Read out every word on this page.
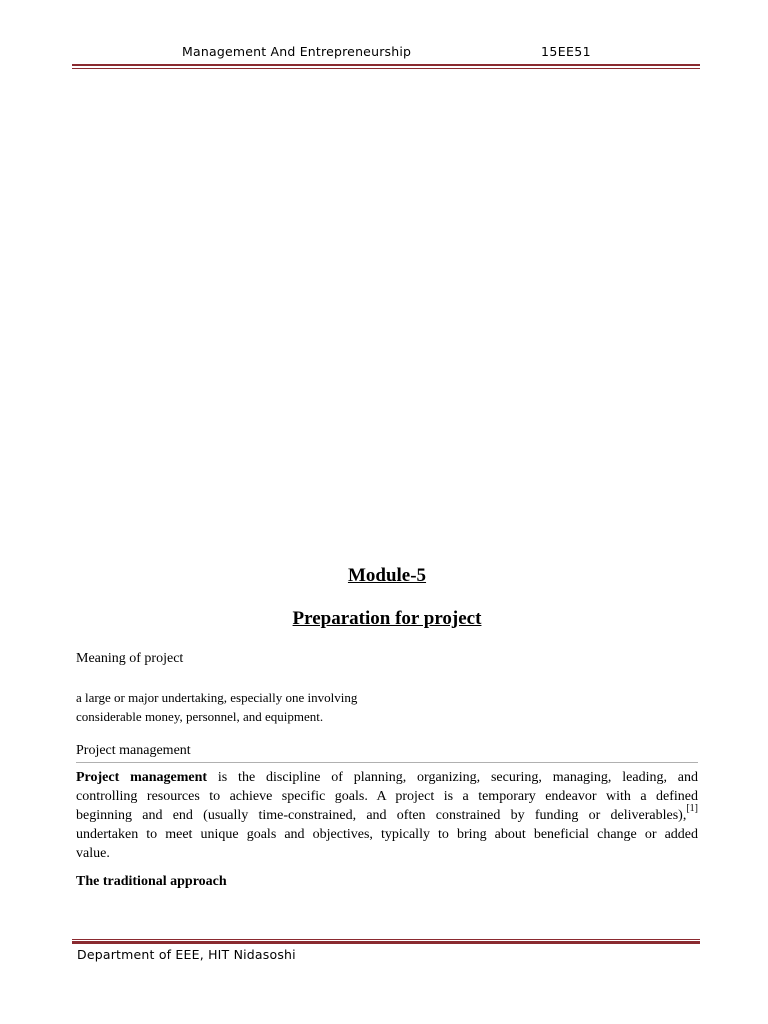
Management And Entrepreneurship	15EE51
Module-5
Preparation for project
Meaning of project
a large or major undertaking, especially one involving
considerable money, personnel, and equipment.
Project management
Project management is the discipline of planning, organizing, securing, managing, leading, and
controlling resources to achieve specific goals. A project is a temporary endeavor with a defined
beginning and end (usually time-constrained, and often constrained by funding or deliverables),[1]
undertaken to meet unique goals and objectives, typically to bring about beneficial change or added
value.
The traditional approach
Department of EEE, HIT Nidasoshi
